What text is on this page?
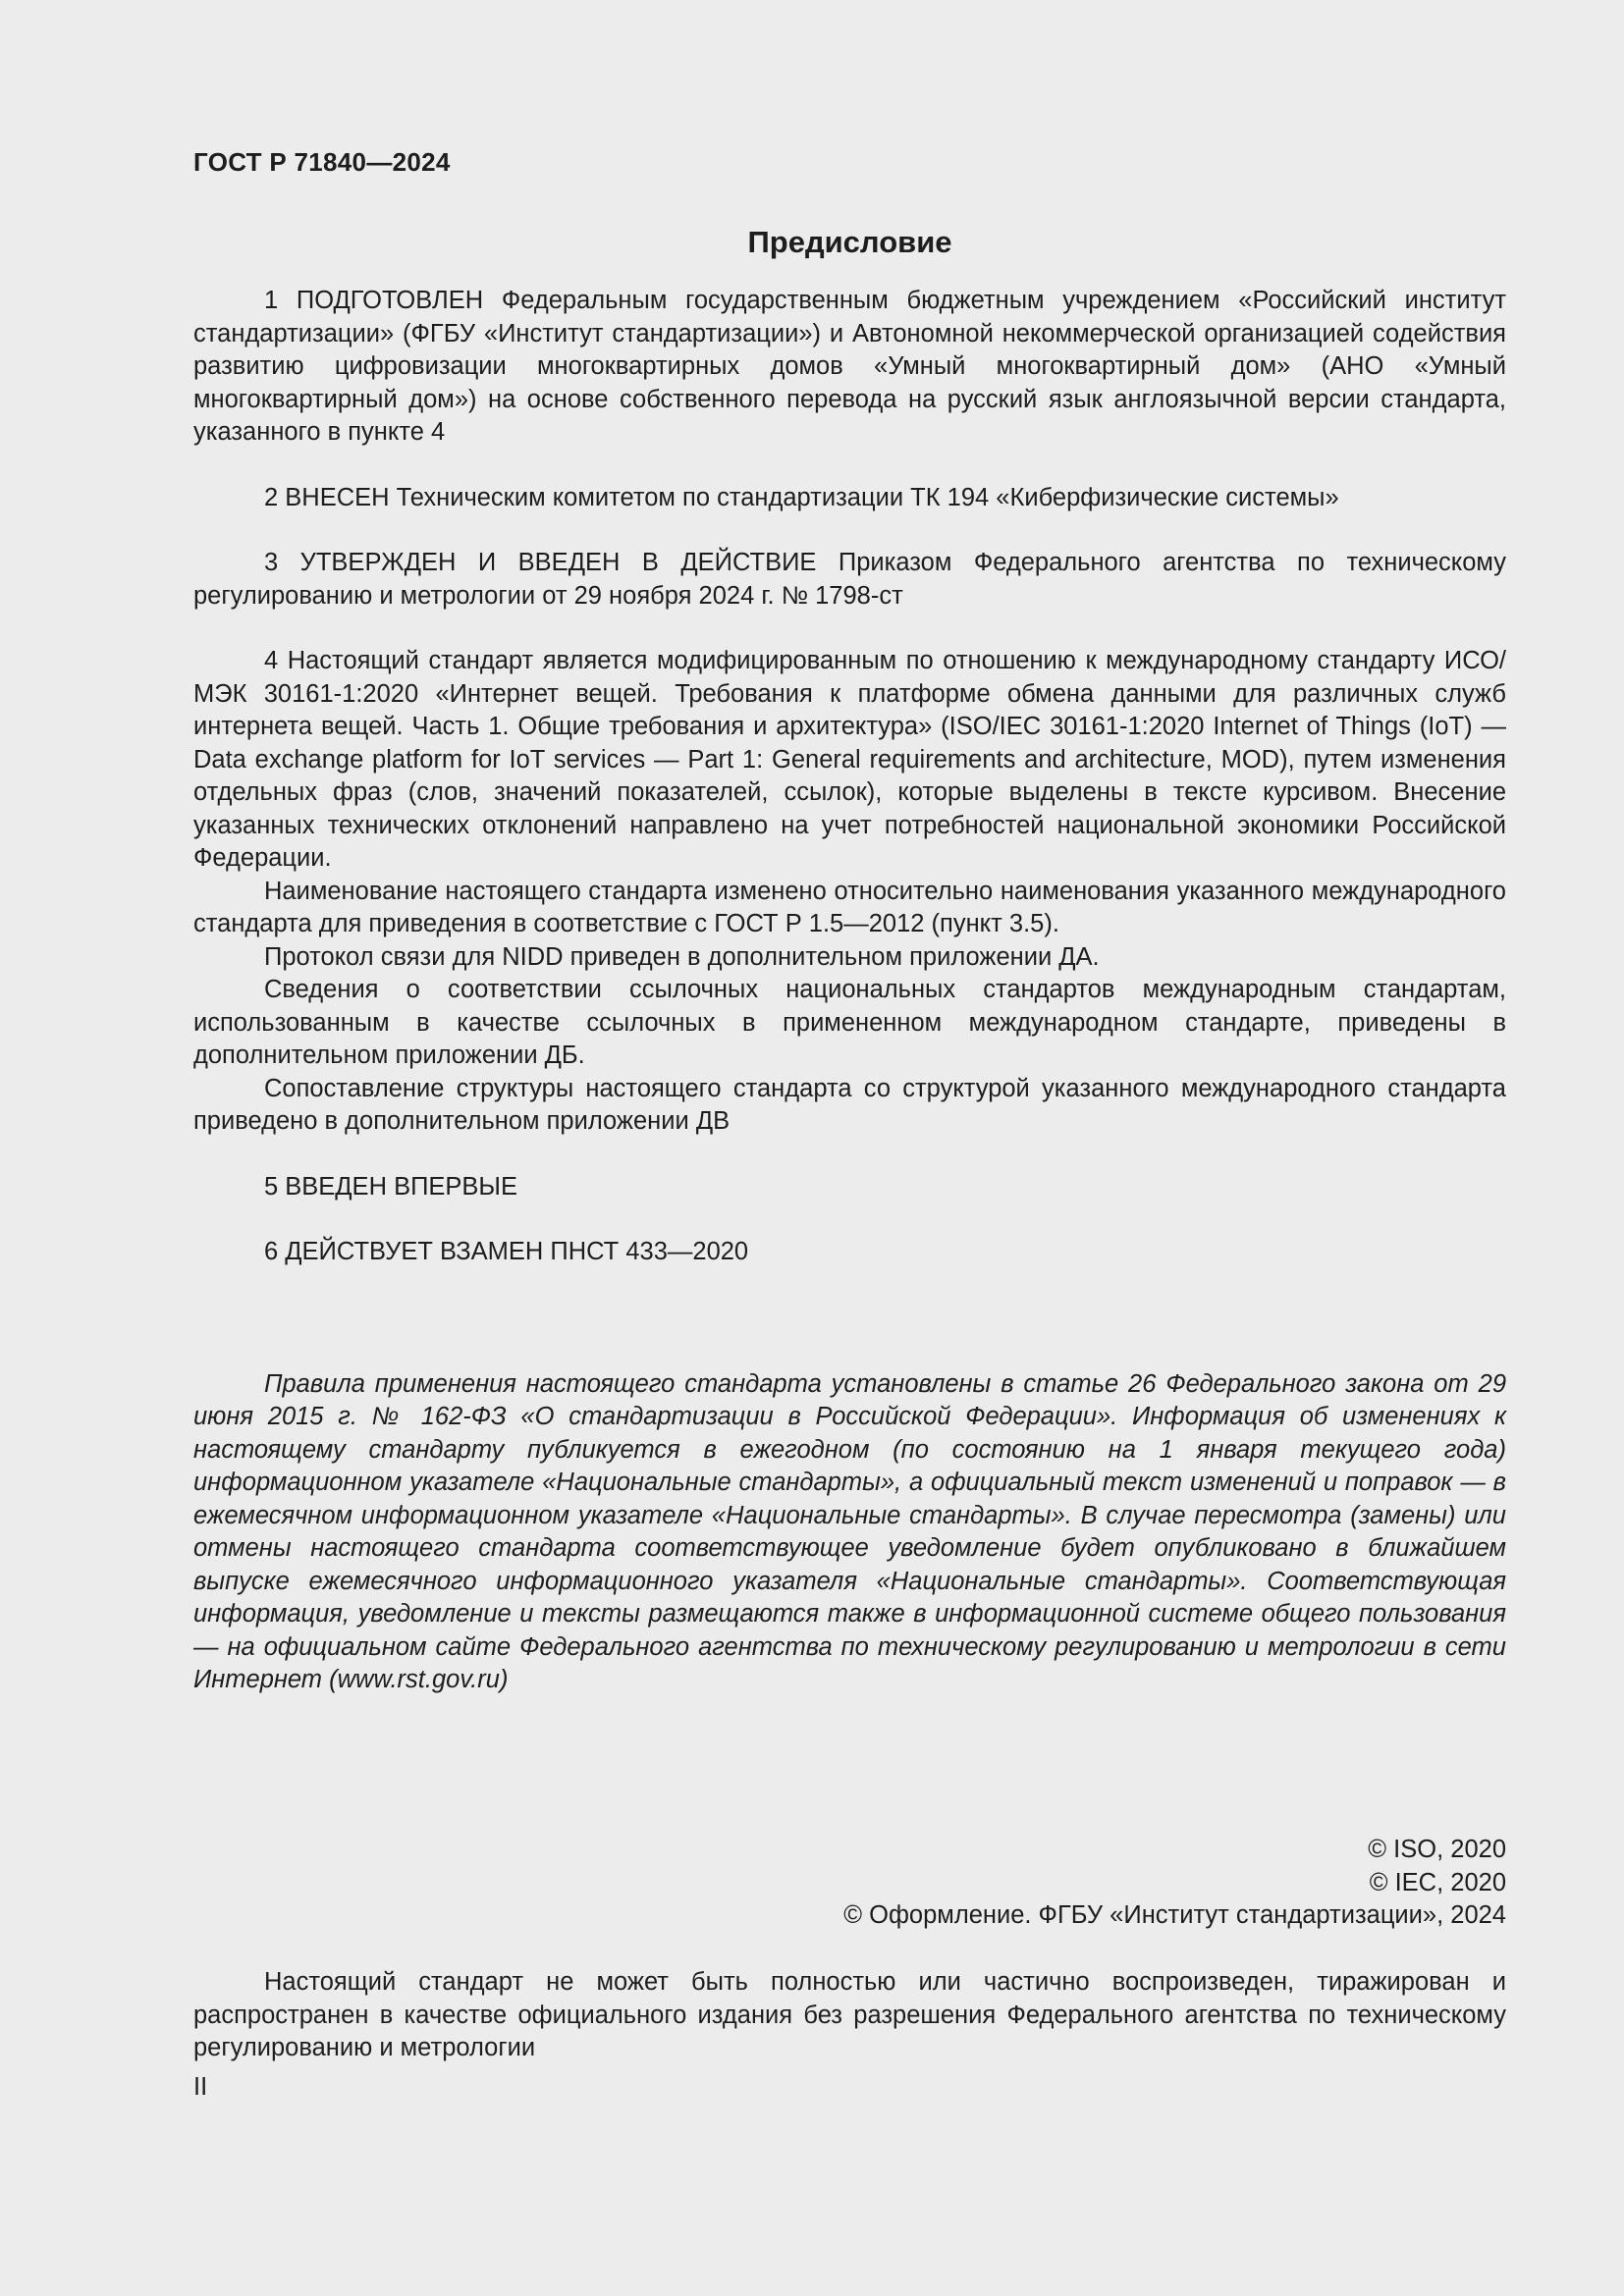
ГОСТ Р 71840—2024
Предисловие

1 ПОДГОТОВЛЕН Федеральным государственным бюджетным учреждением «Российский институт стандартизации» (ФГБУ «Институт стандартизации») и Автономной некоммерческой организацией содействия развитию цифровизации многоквартирных домов «Умный многоквартирный дом» (АНО «Умный многоквартирный дом») на основе собственного перевода на русский язык англоязычной версии стандарта, указанного в пункте 4

2 ВНЕСЕН Техническим комитетом по стандартизации ТК 194 «Киберфизические системы»

3 УТВЕРЖДЕН И ВВЕДЕН В ДЕЙСТВИЕ Приказом Федерального агентства по техническому регулированию и метрологии от 29 ноября 2024 г. № 1798-ст

4 Настоящий стандарт является модифицированным по отношению к международному стандарту ИСО/МЭК 30161-1:2020 «Интернет вещей. Требования к платформе обмена данными для различных служб интернета вещей. Часть 1. Общие требования и архитектура» (ISO/IEC 30161-1:2020 Internet of Things (IoT) — Data exchange platform for IoT services — Part 1: General requirements and architecture, MOD), путем изменения отдельных фраз (слов, значений показателей, ссылок), которые выделены в тексте курсивом. Внесение указанных технических отклонений направлено на учет потребностей национальной экономики Российской Федерации.

Наименование настоящего стандарта изменено относительно наименования указанного международного стандарта для приведения в соответствие с ГОСТ Р 1.5—2012 (пункт 3.5).

Протокол связи для NIDD приведен в дополнительном приложении ДА.

Сведения о соответствии ссылочных национальных стандартов международным стандартам, использованным в качестве ссылочных в примененном международном стандарте, приведены в дополнительном приложении ДБ.

Сопоставление структуры настоящего стандарта со структурой указанного международного стандарта приведено в дополнительном приложении ДВ

5 ВВЕДЕН ВПЕРВЫЕ

6 ДЕЙСТВУЕТ ВЗАМЕН ПНСТ 433—2020

Правила применения настоящего стандарта установлены в статье 26 Федерального закона от 29 июня 2015 г. № 162-ФЗ «О стандартизации в Российской Федерации». Информация об изменениях к настоящему стандарту публикуется в ежегодном (по состоянию на 1 января текущего года) информационном указателе «Национальные стандарты», а официальный текст изменений и поправок — в ежемесячном информационном указателе «Национальные стандарты». В случае пересмотра (замены) или отмены настоящего стандарта соответствующее уведомление будет опубликовано в ближайшем выпуске ежемесячного информационного указателя «Национальные стандарты». Соответствующая информация, уведомление и тексты размещаются также в информационной системе общего пользования — на официальном сайте Федерального агентства по техническому регулированию и метрологии в сети Интернет (www.rst.gov.ru)

© ISO, 2020
© IEC, 2020
© Оформление. ФГБУ «Институт стандартизации», 2024

Настоящий стандарт не может быть полностью или частично воспроизведен, тиражирован и распространен в качестве официального издания без разрешения Федерального агентства по техническому регулированию и метрологии

II
